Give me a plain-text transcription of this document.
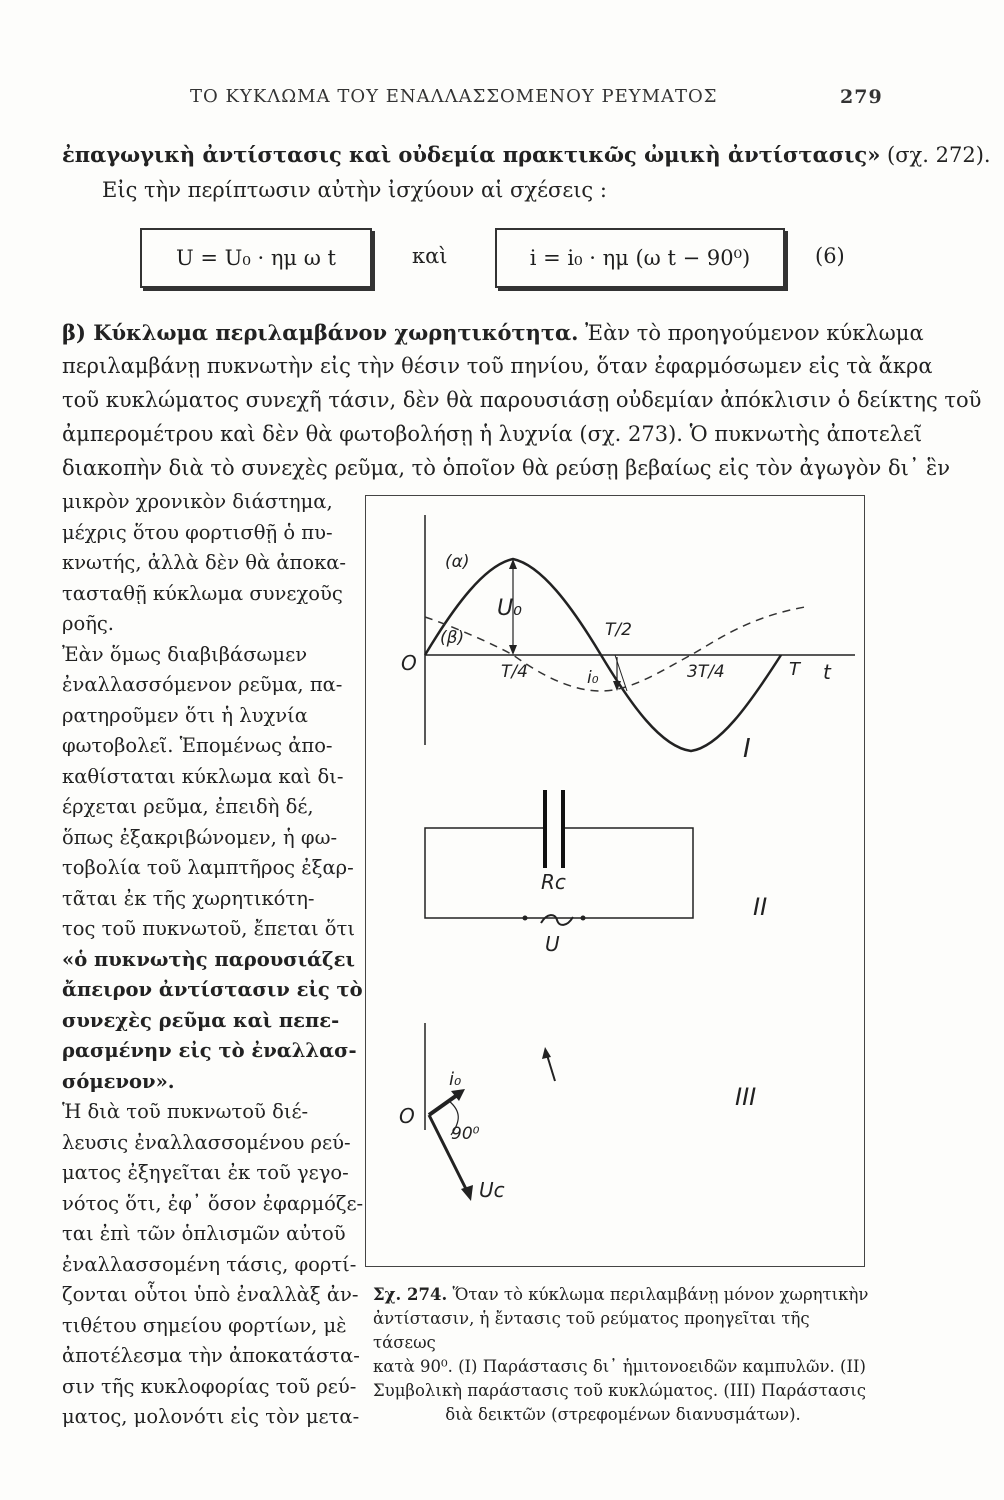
ΤΟ ΚΥΚΛΩΜΑ ΤΟΥ ΕΝΑΛΛΑΣΣΟΜΕΝΟΥ ΡΕΥΜΑΤΟΣ	279
ἐπαγωγικὴ ἀντίστασις καὶ οὐδεμία πρακτικῶς ὠμικὴ ἀντίστασις» (σχ. 272).
Εἰς τὴν περίπτωσιν αὐτὴν ἰσχύουν αἱ σχέσεις :
U = U₀ · ημ ω t	καὶ	i = i₀ · ημ (ω t − 90⁰)	(6)
β) Κύκλωμα περιλαμβάνον χωρητικότητα. Ἐὰν τὸ προηγούμενον κύκλωμα
περιλαμβάνῃ πυκνωτὴν εἰς τὴν θέσιν τοῦ πηνίου, ὅταν ἐφαρμόσωμεν εἰς τὰ ἄκρα
τοῦ κυκλώματος συνεχῆ τάσιν, δὲν θὰ παρουσιάσῃ οὐδεμίαν ἀπόκλισιν ὁ δείκτης τοῦ
ἀμπερομέτρου καὶ δὲν θὰ φωτοβολήσῃ ἡ λυχνία (σχ. 273). Ὁ πυκνωτὴς ἀποτελεῖ
διακοπὴν διὰ τὸ συνεχὲς ρεῦμα, τὸ ὁποῖον θὰ ρεύσῃ βεβαίως εἰς τὸν ἀγωγὸν δι᾽ ἓν
μικρὸν χρονικὸν διάστημα,
μέχρις ὅτου φορτισθῇ ὁ πυ-
κνωτής, ἀλλὰ δὲν θὰ ἀποκα-
τασταθῇ κύκλωμα συνεχοῦς
ροῆς.
Ἐὰν ὅμως διαβιβάσωμεν
ἐναλλασσόμενον ρεῦμα, πα-
ρατηροῦμεν ὅτι ἡ λυχνία
φωτοβολεῖ. Ἑπομένως ἀπο-
καθίσταται κύκλωμα καὶ δι-
έρχεται ρεῦμα, ἐπειδὴ δέ,
ὅπως ἐξακριβώνομεν, ἡ φω-
τοβολία τοῦ λαμπτῆρος ἐξαρ-
τᾶται ἐκ τῆς χωρητικότη-
τος τοῦ πυκνωτοῦ, ἔπεται ὅτι
«ὁ πυκνωτὴς παρουσιάζει
ἄπειρον ἀντίστασιν εἰς τὸ
συνεχὲς ρεῦμα καὶ πεπε-
ρασμένην εἰς τὸ ἐναλλασ-
σόμενον».
Ἡ διὰ τοῦ πυκνωτοῦ διέ-
λευσις ἐναλλασσομένου ρεύ-
ματος ἐξηγεῖται ἐκ τοῦ γεγο-
νότος ὅτι, ἐφ᾽ ὅσον ἐφαρμόζε-
ται ἐπὶ τῶν ὁπλισμῶν αὐτοῦ
ἐναλλασσομένη τάσις, φορτί-
ζονται οὗτοι ὑπὸ ἐναλλὰξ ἀν-
τιθέτου σημείου φορτίων, μὲ
ἀποτέλεσμα τὴν ἀποκατάστα-
σιν τῆς κυκλοφορίας τοῦ ρεύ-
ματος, μολονότι εἰς τὸν μετα-
(α)
(β)
U₀
O
T/2
T/4	i₀	3T/4	T t
I
Rc
U
II
i₀
O
90⁰
Uc
III
Σχ. 274. Ὅταν τὸ κύκλωμα περιλαμβάνῃ μόνον χωρητικὴν
ἀντίστασιν, ἡ ἔντασις τοῦ ρεύματος προηγεῖται τῆς τάσεως
κατὰ 90⁰. (Ι) Παράστασις δι᾽ ἡμιτονοειδῶν καμπυλῶν. (ΙΙ)
Συμβολικὴ παράστασις τοῦ κυκλώματος. (ΙΙΙ) Παράστασις
διὰ δεικτῶν (στρεφομένων διανυσμάτων).
